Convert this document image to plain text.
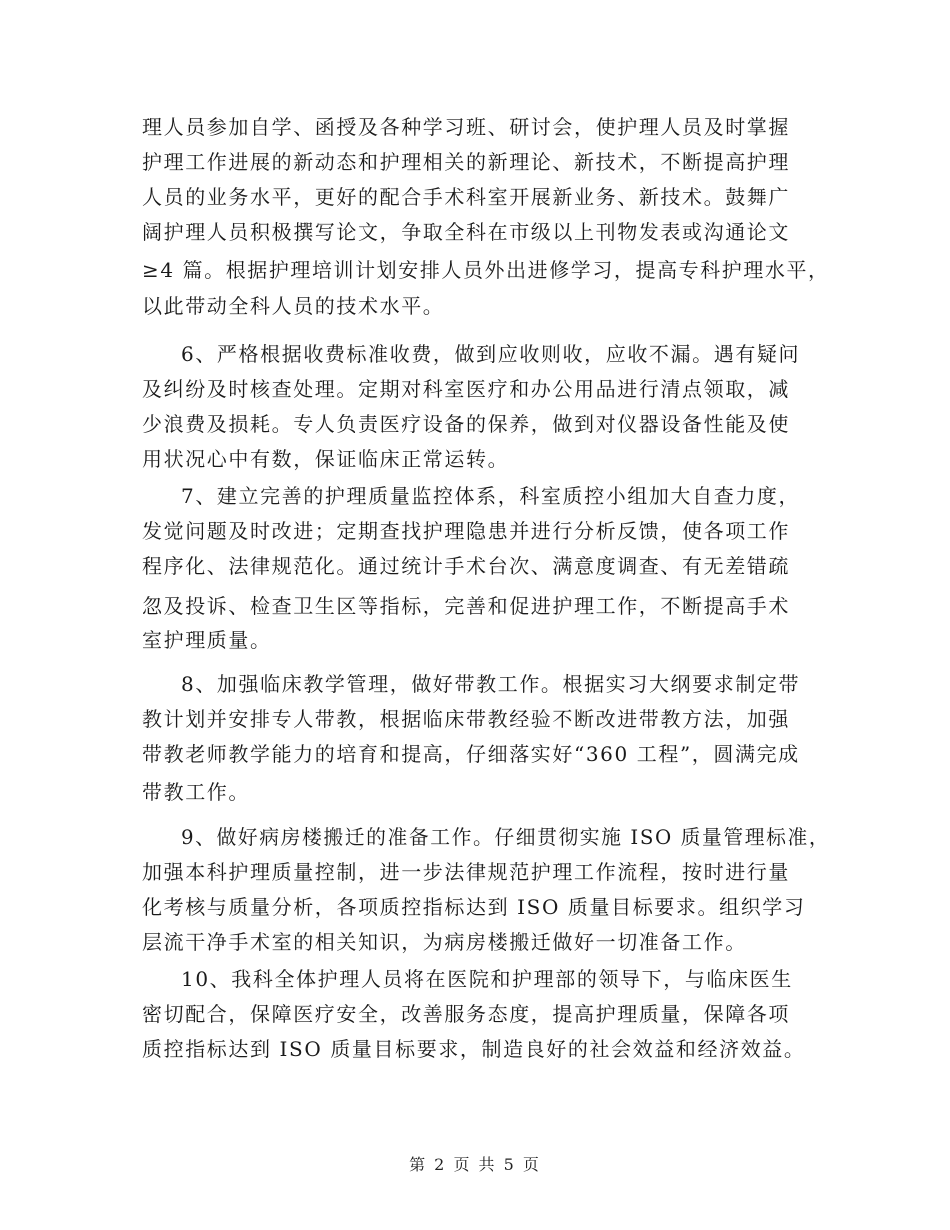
理人员参加自学、函授及各种学习班、研讨会，使护理人员及时掌握
护理工作进展的新动态和护理相关的新理论、新技术，不断提高护理
人员的业务水平，更好的配合手术科室开展新业务、新技术。鼓舞广
阔护理人员积极撰写论文，争取全科在市级以上刊物发表或沟通论文
≥4 篇。根据护理培训计划安排人员外出进修学习，提高专科护理水平，
以此带动全科人员的技术水平。
6、严格根据收费标准收费，做到应收则收，应收不漏。遇有疑问
及纠纷及时核查处理。定期对科室医疗和办公用品进行清点领取，减
少浪费及损耗。专人负责医疗设备的保养，做到对仪器设备性能及使
用状况心中有数，保证临床正常运转。
7、建立完善的护理质量监控体系，科室质控小组加大自查力度，
发觉问题及时改进；定期查找护理隐患并进行分析反馈，使各项工作
程序化、法律规范化。通过统计手术台次、满意度调查、有无差错疏
忽及投诉、检查卫生区等指标，完善和促进护理工作，不断提高手术
室护理质量。
8、加强临床教学管理，做好带教工作。根据实习大纲要求制定带
教计划并安排专人带教，根据临床带教经验不断改进带教方法，加强
带教老师教学能力的培育和提高，仔细落实好“360 工程”，圆满完成
带教工作。
9、做好病房楼搬迁的准备工作。仔细贯彻实施 ISO 质量管理标准，
加强本科护理质量控制，进一步法律规范护理工作流程，按时进行量
化考核与质量分析，各项质控指标达到 ISO 质量目标要求。组织学习
层流干净手术室的相关知识，为病房楼搬迁做好一切准备工作。
10、我科全体护理人员将在医院和护理部的领导下，与临床医生
密切配合，保障医疗安全，改善服务态度，提高护理质量，保障各项
质控指标达到 ISO 质量目标要求，制造良好的社会效益和经济效益。
第 2 页 共 5 页
